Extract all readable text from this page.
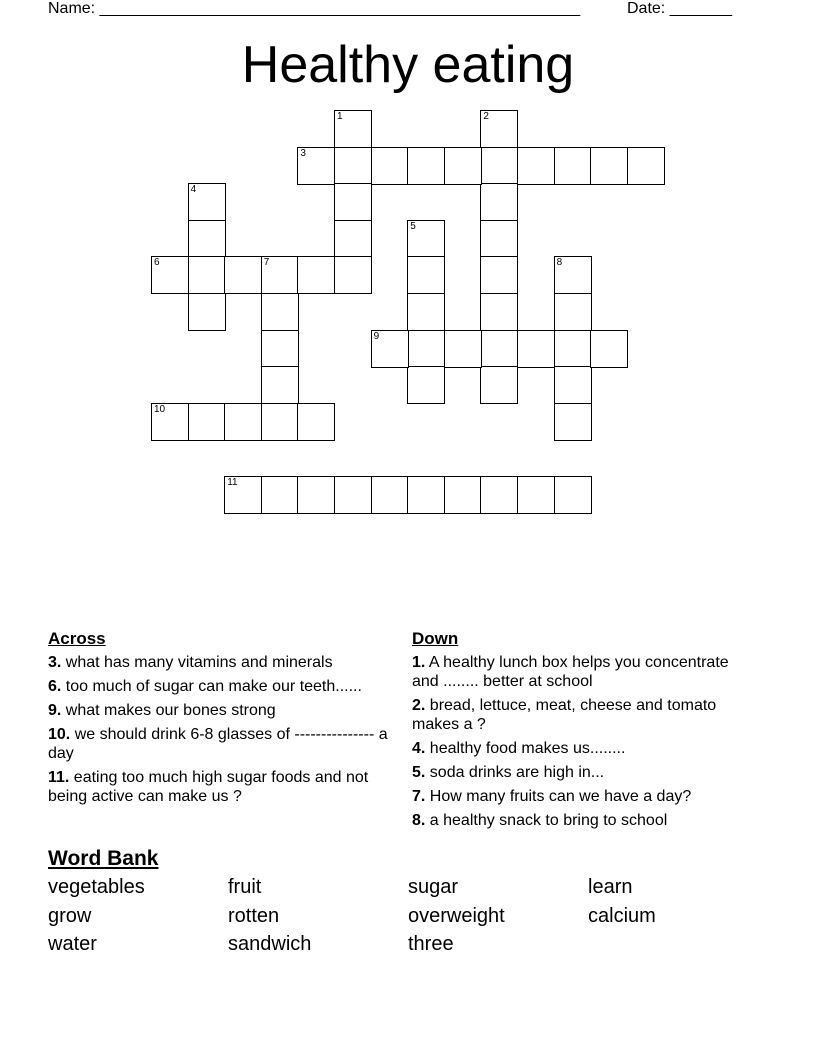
Name: ______________________________________________________	Date: _______
Healthy eating
1	2
3
4
5
6	7	8
9
10
11
Across
3. what has many vitamins and minerals
6. too much of sugar can make our teeth......
9. what makes our bones strong
10. we should drink 6-8 glasses of --------------- a day
11. eating too much high sugar foods and not being active can make us ?
Down
1. A healthy lunch box helps you concentrate and ........ better at school
2. bread, lettuce, meat, cheese and tomato makes a ?
4. healthy food makes us........
5. soda drinks are high in...
7. How many fruits can we have a day?
8. a healthy snack to bring to school
Word Bank
vegetables	fruit	sugar	learn
grow	rotten	overweight	calcium
water	sandwich	three
